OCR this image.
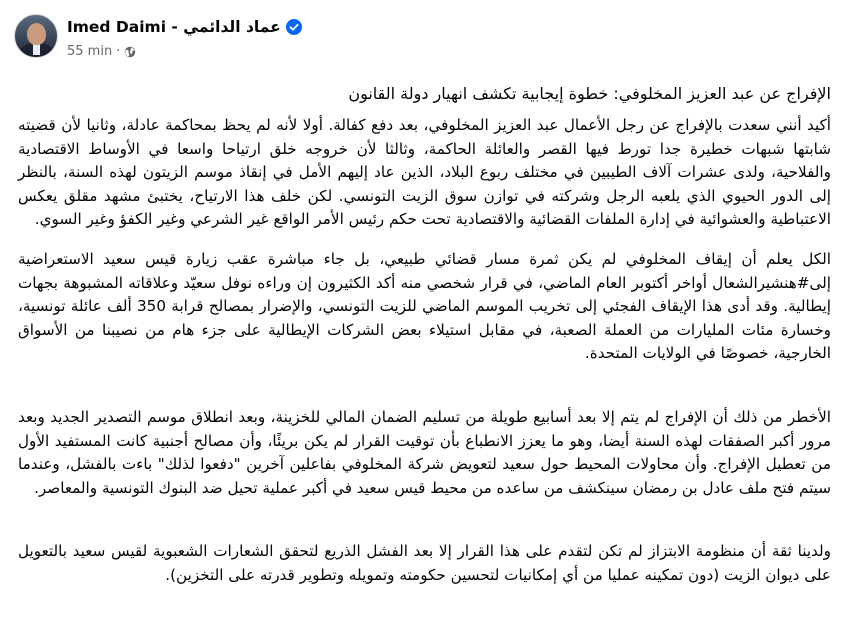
Imed Daimi - عماد الدائمي
55 min ·
الإفراج عن عبد العزيز المخلوفي: خطوة إيجابية تكشف انهيار دولة القانون

أكيد أنني سعدت بالإفراج عن رجل الأعمال عبد العزيز المخلوفي، بعد دفع كفالة. أولا لأنه لم يحظ بمحاكمة عادلة، وثانيا لأن قضيته شابتها شبهات خطيرة جدا تورط فيها القصر والعائلة الحاكمة، وثالثا لأن خروجه خلق ارتياحا واسعا في الأوساط الاقتصادية والفلاحية، ولدى عشرات آلاف الطيبين في مختلف ربوع البلاد، الذين عاد إليهم الأمل في إنقاذ موسم الزيتون لهذه السنة، بالنظر إلى الدور الحيوي الذي يلعبه الرجل وشركته في توازن سوق الزيت التونسي. لكن خلف هذا الارتياح، يختبئ مشهد مقلق يعكس الاعتباطية والعشوائية في إدارة الملفات القضائية والاقتصادية تحت حكم رئيس الأمر الواقع غير الشرعي وغير الكفؤ وغير السوي.

الكل يعلم أن إيقاف المخلوفي لم يكن ثمرة مسار قضائي طبيعي، بل جاء مباشرة عقب زيارة قيس سعيد الاستعراضية إلى#هنشيرالشعال أواخر أكتوبر العام الماضي، في قرار شخصي منه أكد الكثيرون إن وراءه نوفل سعيّد وعلاقاته المشبوهة بجهات إيطالية. وقد أدى هذا الإيقاف الفجئي إلى تخريب الموسم الماضي للزيت التونسي، والإضرار بمصالح قرابة 350 ألف عائلة تونسية، وخسارة مئات المليارات من العملة الصعبة، في مقابل استيلاء بعض الشركات الإيطالية على جزء هام من نصيبنا من الأسواق الخارجية، خصوصًا في الولايات المتحدة.

الأخطر من ذلك أن الإفراج لم يتم إلا بعد أسابيع طويلة من تسليم الضمان المالي للخزينة، وبعد انطلاق موسم التصدير الجديد وبعد مرور أكبر الصفقات لهذه السنة أيضا، وهو ما يعزز الانطباع بأن توقيت القرار لم يكن بريئًا، وأن مصالح أجنبية كانت المستفيد الأول من تعطيل الإفراج. وأن محاولات المحيط حول سعيد لتعويض شركة المخلوفي بفاعلين آخرين "دفعوا لذلك" باءت بالفشل، وعندما سيتم فتح ملف عادل بن رمضان سينكشف من ساعده من محيط قيس سعيد في أكبر عملية تحيل ضد البنوك التونسية والمعاصر.

ولدينا ثقة أن منظومة الابتزاز لم تكن لتقدم على هذا القرار إلا بعد الفشل الذريع لتحقق الشعارات الشعبوية لقيس سعيد بالتعويل على ديوان الزيت (دون تمكينه عمليا من أي إمكانيات لتحسين حكومته وتمويله وتطوير قدرته على التخزين).
